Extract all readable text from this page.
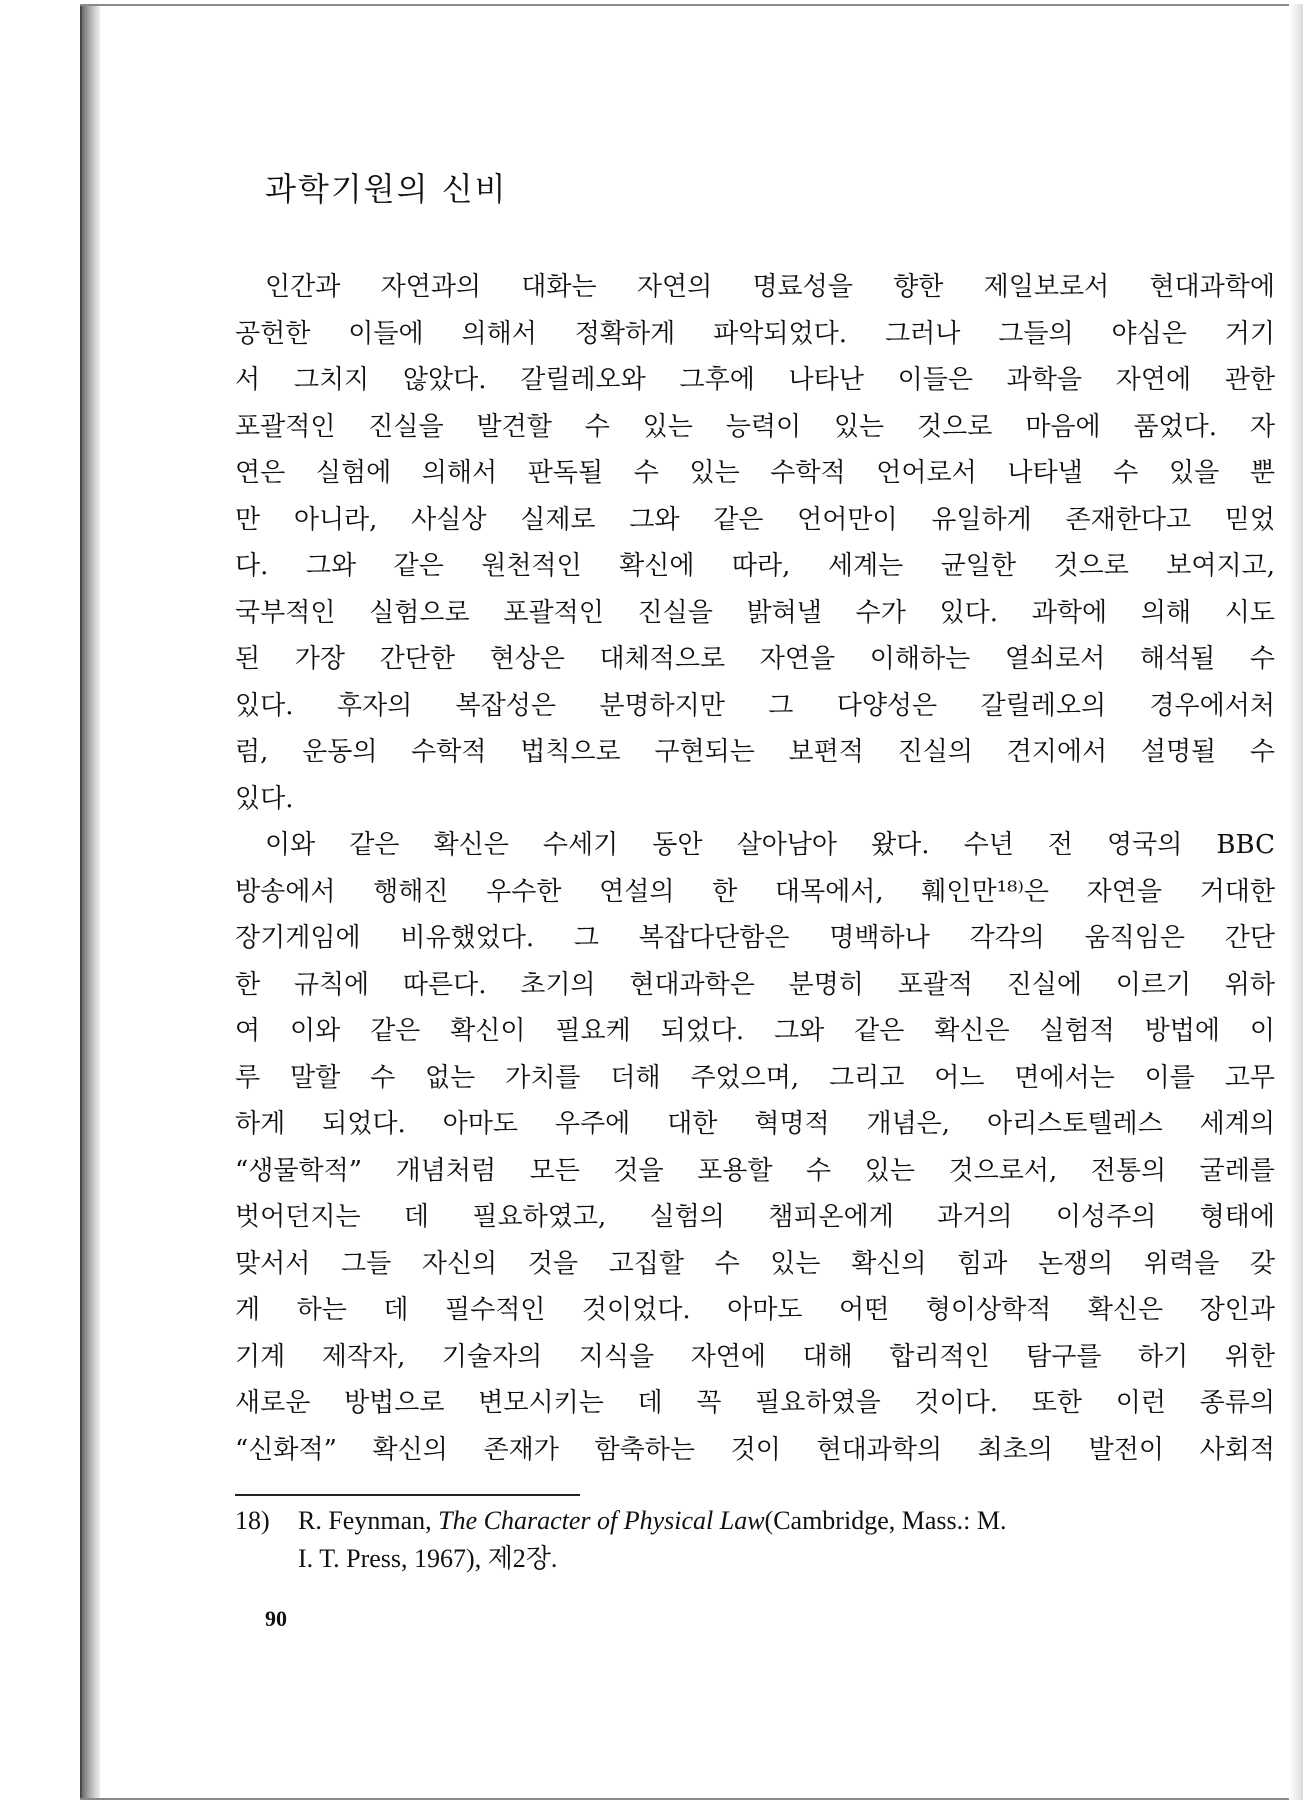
과학기원의 신비

인간과 자연과의 대화는 자연의 명료성을 향한 제일보로서 현대과학에
공헌한 이들에 의해서 정확하게 파악되었다. 그러나 그들의 야심은 거기
서 그치지 않았다. 갈릴레오와 그후에 나타난 이들은 과학을 자연에 관한
포괄적인 진실을 발견할 수 있는 능력이 있는 것으로 마음에 품었다. 자
연은 실험에 의해서 판독될 수 있는 수학적 언어로서 나타낼 수 있을 뿐
만 아니라, 사실상 실제로 그와 같은 언어만이 유일하게 존재한다고 믿었
다. 그와 같은 원천적인 확신에 따라, 세계는 균일한 것으로 보여지고,
국부적인 실험으로 포괄적인 진실을 밝혀낼 수가 있다. 과학에 의해 시도
된 가장 간단한 현상은 대체적으로 자연을 이해하는 열쇠로서 해석될 수
있다. 후자의 복잡성은 분명하지만 그 다양성은 갈릴레오의 경우에서처
럼, 운동의 수학적 법칙으로 구현되는 보편적 진실의 견지에서 설명될 수
있다.

이와 같은 확신은 수세기 동안 살아남아 왔다. 수년 전 영국의 BBC
방송에서 행해진 우수한 연설의 한 대목에서, 훼인만¹⁸⁾은 자연을 거대한
장기게임에 비유했었다. 그 복잡다단함은 명백하나 각각의 움직임은 간단
한 규칙에 따른다. 초기의 현대과학은 분명히 포괄적 진실에 이르기 위하
여 이와 같은 확신이 필요케 되었다. 그와 같은 확신은 실험적 방법에 이
루 말할 수 없는 가치를 더해 주었으며, 그리고 어느 면에서는 이를 고무
하게 되었다. 아마도 우주에 대한 혁명적 개념은, 아리스토텔레스 세계의
“생물학적” 개념처럼 모든 것을 포용할 수 있는 것으로서, 전통의 굴레를
벗어던지는 데 필요하였고, 실험의 챔피온에게 과거의 이성주의 형태에
맞서서 그들 자신의 것을 고집할 수 있는 확신의 힘과 논쟁의 위력을 갖
게 하는 데 필수적인 것이었다. 아마도 어떤 형이상학적 확신은 장인과
기계 제작자, 기술자의 지식을 자연에 대해 합리적인 탐구를 하기 위한
새로운 방법으로 변모시키는 데 꼭 필요하였을 것이다. 또한 이런 종류의
“신화적” 확신의 존재가 함축하는 것이 현대과학의 최초의 발전이 사회적

18) R. Feynman, The Character of Physical Law(Cambridge, Mass.: M.
I. T. Press, 1967), 제2장.
90
